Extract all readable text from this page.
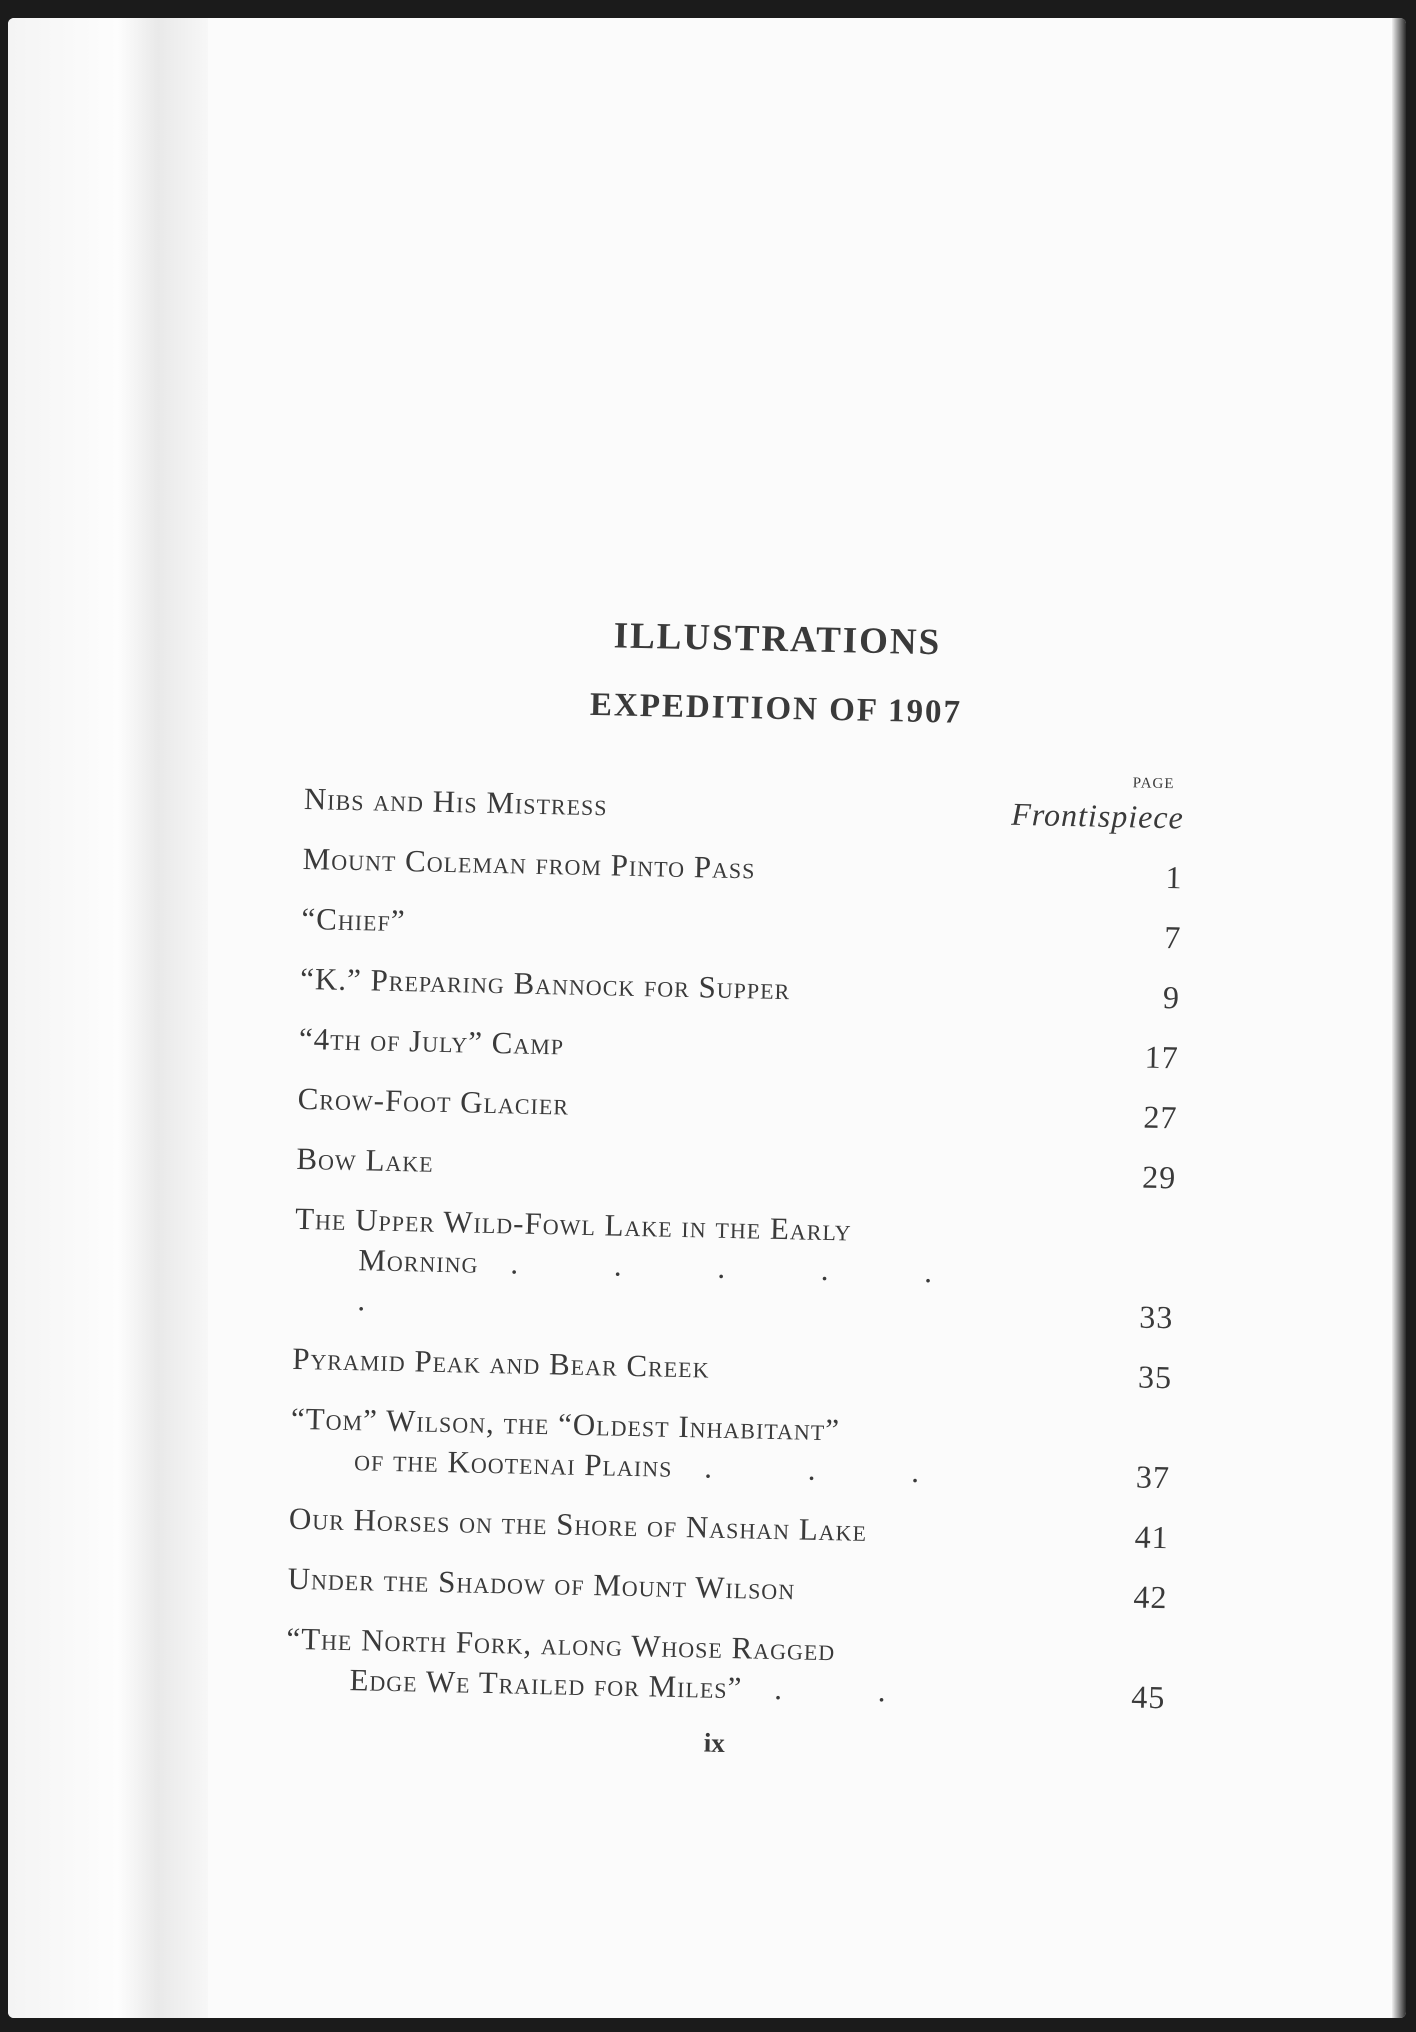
ILLUSTRATIONS
EXPEDITION OF 1907
PAGE
Nibs and His Mistress	Frontispiece
Mount Coleman from Pinto Pass	1
“Chief”	7
“K.” Preparing Bannock for Supper	9
“4th of July” Camp	17
Crow-Foot Glacier	27
Bow Lake	29
The Upper Wild-Fowl Lake in the Early
Morning  . . . . . .	33
Pyramid Peak and Bear Creek	35
“Tom” Wilson, the “Oldest Inhabitant”
of the Kootenai Plains  . . .	37
Our Horses on the Shore of Nashan Lake	41
Under the Shadow of Mount Wilson	42
“The North Fork, along Whose Ragged
Edge We Trailed for Miles”  . .	45
ix
